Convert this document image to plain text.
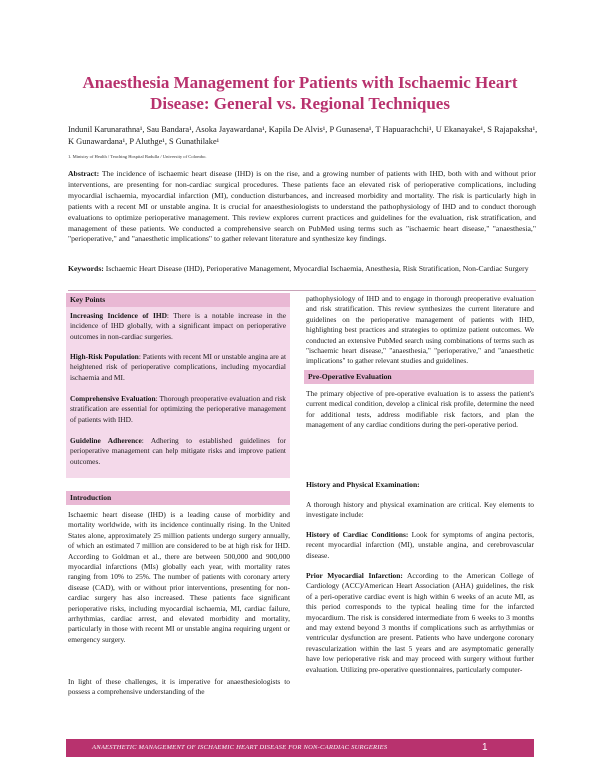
Anaesthesia Management for Patients with Ischaemic Heart Disease: General vs. Regional Techniques
Indunil Karunarathna¹, Sau Bandara¹, Asoka Jayawardana¹, Kapila De Alvis¹, P Gunasena¹, T Hapuarachchi¹, U Ekanayake¹, S Rajapaksha¹, K Gunawardana¹, P Aluthge¹, S Gunathilake¹
1. Ministry of Health / Teaching Hospital Badulla / University of Colombo.
Abstract: The incidence of ischaemic heart disease (IHD) is on the rise, and a growing number of patients with IHD, both with and without prior interventions, are presenting for non-cardiac surgical procedures. These patients face an elevated risk of perioperative complications, including myocardial ischaemia, myocardial infarction (MI), conduction disturbances, and increased morbidity and mortality. The risk is particularly high in patients with a recent MI or unstable angina. It is crucial for anaesthesiologists to understand the pathophysiology of IHD and to conduct thorough evaluations to optimize perioperative management. This review explores current practices and guidelines for the evaluation, risk stratification, and management of these patients. We conducted a comprehensive search on PubMed using terms such as "ischaemic heart disease," "anaesthesia," "perioperative," and "anaesthetic implications" to gather relevant literature and synthesize key findings.
Keywords: Ischaemic Heart Disease (IHD), Perioperative Management, Myocardial Ischaemia, Anesthesia, Risk Stratification, Non-Cardiac Surgery
Key Points
Increasing Incidence of IHD: There is a notable increase in the incidence of IHD globally, with a significant impact on perioperative outcomes in non-cardiac surgeries.
High-Risk Population: Patients with recent MI or unstable angina are at heightened risk of perioperative complications, including myocardial ischaemia and MI.
Comprehensive Evaluation: Thorough preoperative evaluation and risk stratification are essential for optimizing the perioperative management of patients with IHD.
Guideline Adherence: Adhering to established guidelines for perioperative management can help mitigate risks and improve patient outcomes.
Introduction
Ischaemic heart disease (IHD) is a leading cause of morbidity and mortality worldwide, with its incidence continually rising. In the United States alone, approximately 25 million patients undergo surgery annually, of which an estimated 7 million are considered to be at high risk for IHD. According to Goldman et al., there are between 500,000 and 900,000 myocardial infarctions (MIs) globally each year, with mortality rates ranging from 10% to 25%. The number of patients with coronary artery disease (CAD), with or without prior interventions, presenting for non-cardiac surgery has also increased. These patients face significant perioperative risks, including myocardial ischaemia, MI, cardiac failure, arrhythmias, cardiac arrest, and elevated morbidity and mortality, particularly in those with recent MI or unstable angina requiring urgent or emergency surgery.
In light of these challenges, it is imperative for anaesthesiologists to possess a comprehensive understanding of the
pathophysiology of IHD and to engage in thorough preoperative evaluation and risk stratification. This review synthesizes the current literature and guidelines on the perioperative management of patients with IHD, highlighting best practices and strategies to optimize patient outcomes. We conducted an extensive PubMed search using combinations of terms such as "ischaemic heart disease," "anaesthesia," "perioperative," and "anaesthetic implications" to gather relevant studies and guidelines.
Pre-Operative Evaluation
The primary objective of pre-operative evaluation is to assess the patient's current medical condition, develop a clinical risk profile, determine the need for additional tests, address modifiable risk factors, and plan the management of any cardiac conditions during the peri-operative period.
History and Physical Examination:
A thorough history and physical examination are critical. Key elements to investigate include:
History of Cardiac Conditions: Look for symptoms of angina pectoris, recent myocardial infarction (MI), unstable angina, and cerebrovascular disease.
Prior Myocardial Infarction: According to the American College of Cardiology (ACC)/American Heart Association (AHA) guidelines, the risk of a peri-operative cardiac event is high within 6 weeks of an acute MI, as this period corresponds to the typical healing time for the infarcted myocardium. The risk is considered intermediate from 6 weeks to 3 months and may extend beyond 3 months if complications such as arrhythmias or ventricular dysfunction are present. Patients who have undergone coronary revascularization within the last 5 years and are asymptomatic generally have low perioperative risk and may proceed with surgery without further evaluation. Utilizing pre-operative questionnaires, particularly computer-
ANAESTHETIC MANAGEMENT OF ISCHAEMIC HEART DISEASE FOR NON-CARDIAC SURGERIES	1
